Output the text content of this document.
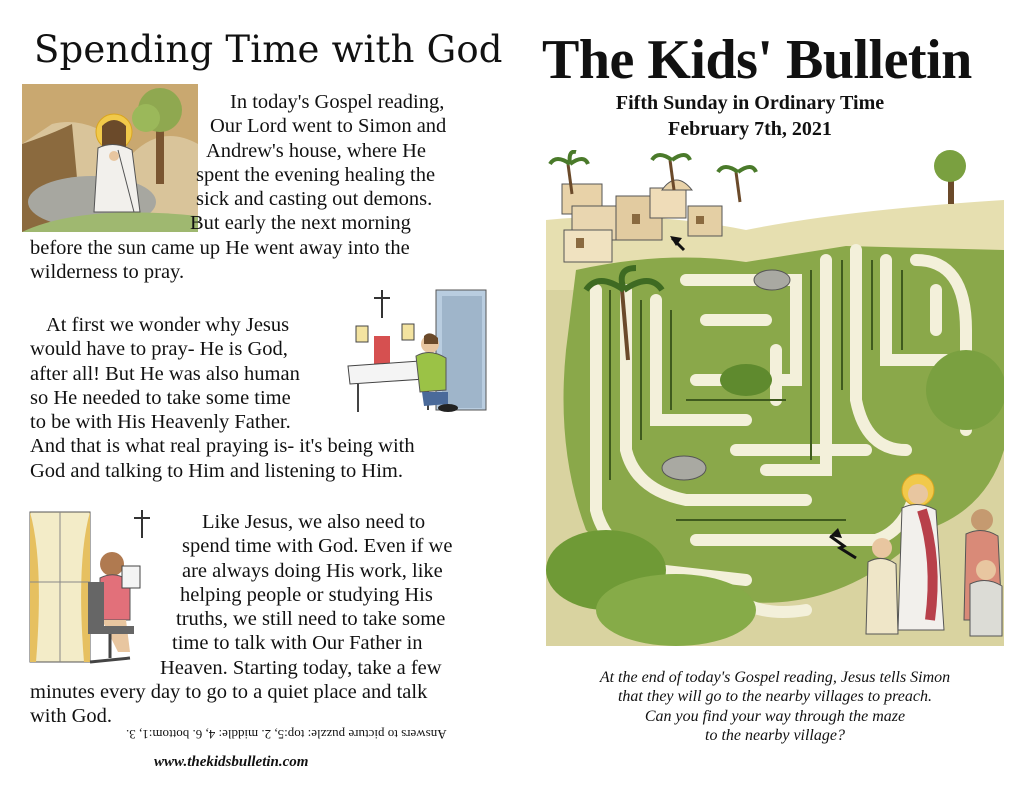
Spending Time with God
In today's Gospel reading,
Our Lord went to Simon and
Andrew's house, where He
spent the evening healing the
sick and casting out demons.
But early the next morning
before the sun came up He went away into the
wilderness to pray.
At first we wonder why Jesus
would have to pray- He is God,
after all! But He was also human
so He needed to take some time
to be with His Heavenly Father.
And that is what real praying is- it's being with
God and talking to Him and listening to Him.
Like Jesus, we also need to
spend time with God. Even if we
are always doing His work, like
helping people or studying His
truths, we still need to take some
time to talk with Our Father in
Heaven. Starting today, take a few
minutes every day to go to a quiet place and talk
with God.
Answers to picture puzzle: top:5, 2. middle: 4, 6. bottom:1, 3.
www.thekidsbulletin.com
The Kids' Bulletin
Fifth Sunday in Ordinary Time
February 7th, 2021
At the end of today's Gospel reading, Jesus tells Simon
that they will go to the nearby villages to preach.
Can you find your way through the maze
to the nearby village?
